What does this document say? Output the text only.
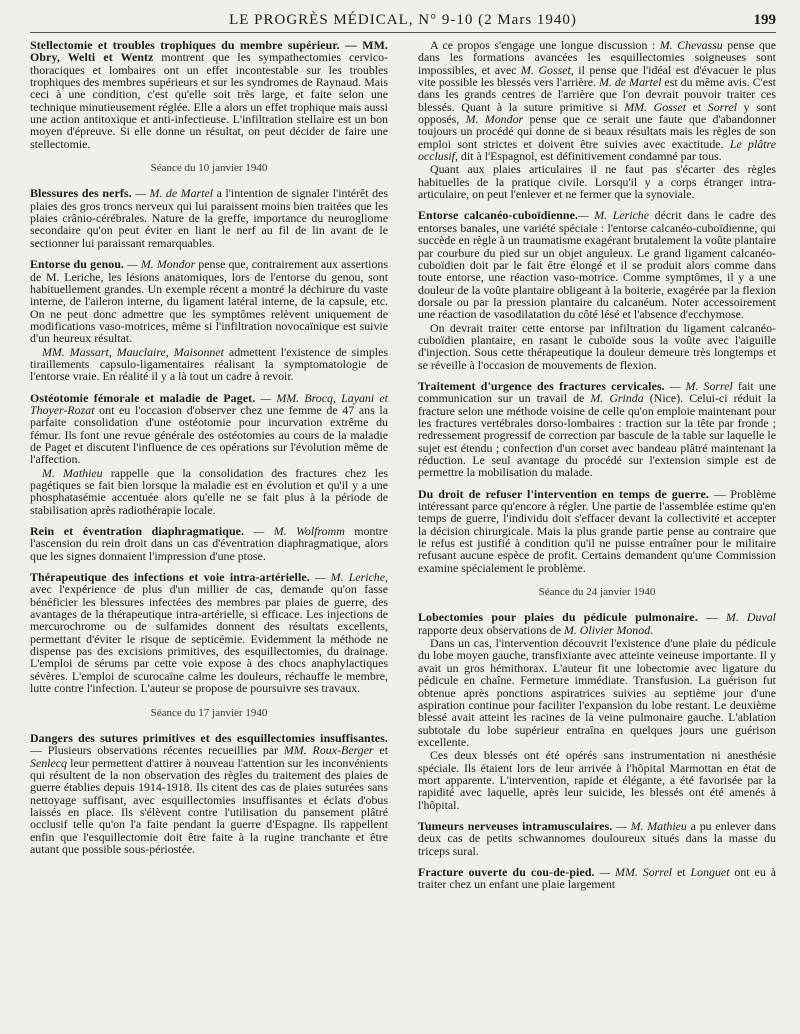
LE PROGRÈS MÉDICAL, N° 9-10 (2 Mars 1940)	199

Stellectomie et troubles trophiques du membre supérieur. — MM. Obry, Welti et Wentz montrent que les sympathectomies cervico-thoraciques et lombaires ont un effet incontestable sur les troubles trophiques des membres supérieurs et sur les syndromes de Raynaud. Mais ceci à une condition, c'est qu'elle soit très large, et faite selon une technique minutieusement réglée. Elle a alors un effet trophique mais aussi une action antitoxique et anti-infectieuse. L'infiltration stellaire est un bon moyen d'épreuve. Si elle donne un résultat, on peut décider de faire une stellectomie.

Séance du 10 janvier 1940

Blessures des nerfs. — M. de Martel a l'intention de signaler l'intérêt des plaies des gros troncs nerveux qui lui paraissent moins bien traitées que les plaies crânio-cérébrales. Nature de la greffe, importance du neurogliome secondaire qu'on peut éviter en liant le nerf au fil de lin avant de le sectionner lui paraissant remarquables.

Entorse du genou. — M. Mondor pense que, contrairement aux assertions de M. Leriche, les lésions anatomiques, lors de l'entorse du genou, sont habituellement grandes. Un exemple récent a montré la déchirure du vaste interne, de l'aileron interne, du ligament latéral interne, de la capsule, etc. On ne peut donc admettre que les symptômes relèvent uniquement de modifications vaso-motrices, même si l'infiltration novocaïnique est suivie d'un heureux résultat.

MM. Massart, Mauclaire, Maisonnet admettent l'existence de simples tiraillements capsulo-ligamentaires réalisant la symptomatologie de l'entorse vraie. En réalité il y a là tout un cadre à revoir.

Ostéotomie fémorale et maladie de Paget. — MM. Brocq, Layani et Thoyer-Rozat ont eu l'occasion d'observer chez une femme de 47 ans la parfaite consolidation d'une ostéotomie pour incurvation extrême du fémur. Ils font une revue générale des ostéotomies au cours de la maladie de Paget et discutent l'influence de ces opérations sur l'évolution même de l'affection.

M. Mathieu rappelle que la consolidation des fractures chez les pagétiques se fait bien lorsque la maladie est en évolution et qu'il y a une phosphatasémie accentuée alors qu'elle ne se fait plus à la période de stabilisation après radiothérapie locale.

Rein et éventration diaphragmatique. — M. Wolfromm montre l'ascension du rein droit dans un cas d'éventration diaphragmatique, alors que les signes donnaient l'impression d'une ptose.

Thérapeutique des infections et voie intra-artérielle. — M. Leriche, avec l'expérience de plus d'un millier de cas, demande qu'on fasse bénéficier les blessures infectées des membres par plaies de guerre, des avantages de la thérapeutique intra-artérielle, si efficace. Les injections de mercurochrome ou de sulfamides donnent des résultats excellents, permettant d'éviter le risque de septicémie. Evidemment la méthode ne dispense pas des excisions primitives, des esquillectomies, du drainage. L'emploi de sérums par cette voie expose à des chocs anaphylactiques sévères. L'emploi de scurocaïne calme les douleurs, réchauffe le membre, lutte contre l'infection. L'auteur se propose de poursuivre ses travaux.

Séance du 17 janvier 1940

Dangers des sutures primitives et des esquillectomies insuffisantes. — Plusieurs observations récentes recueillies par MM. Roux-Berger et Senlecq leur permettent d'attirer à nouveau l'attention sur les inconvénients qui résultent de la non observation des règles du traitement des plaies de guerre établies depuis 1914-1918. Ils citent des cas de plaies suturées sans nettoyage suffisant, avec esquillectomies insuffisantes et éclats d'obus laissés en place. Ils s'élèvent contre l'utilisation du pansement plâtré occlusif telle qu'on l'a faite pendant la guerre d'Espagne. Ils rappellent enfin que l'esquillectomie doit être faite à la rugine tranchante et être autant que possible sous-périostée.

A ce propos s'engage une longue discussion : M. Chevassu pense que dans les formations avancées les esquillectomies soigneuses sont impossibles, et avec M. Gosset, il pense que l'idéal est d'évacuer le plus vite possible les blessés vers l'arrière. M. de Martel est du même avis. C'est dans les grands centres de l'arrière que l'on devrait pouvoir traiter ces blessés. Quant à la suture primitive si MM. Gosset et Sorrel y sont opposés, M. Mondor pense que ce serait une faute que d'abandonner toujours un procédé qui donne de si beaux résultats mais les règles de son emploi sont strictes et doivent être suivies avec exactitude. Le plâtre occlusif, dit à l'Espagnol, est définitivement condamné par tous.

Quant aux plaies articulaires il ne faut pas s'écarter des règles habituelles de la pratique civile. Lorsqu'il y a corps étranger intra-articulaire, on peut l'enlever et ne fermer que la synoviale.

Entorse calcanéo-cuboïdienne.— M. Leriche décrit dans le cadre des entorses banales, une variété spéciale : l'entorse calcanéo-cuboïdienne, qui succède en règle à un traumatisme exagérant brutalement la voûte plantaire par courbure du pied sur un objet anguleux. Le grand ligament calcanéo-cuboïdien doit par le fait être élongé et il se produit alors comme dans toute entorse, une réaction vaso-motrice. Comme symptômes, il y a une douleur de la voûte plantaire obligeant à la boiterie, exagérée par la flexion dorsale ou par la pression plantaire du calcanéum. Noter accessoirement une réaction de vasodilatation du côté lésé et l'absence d'ecchymose.

On devrait traiter cette entorse par infiltration du ligament calcanéo-cuboïdien plantaire, en rasant le cuboïde sous la voûte avec l'aiguille d'injection. Sous cette thérapeutique la douleur demeure très longtemps et se réveille à l'occasion de mouvements de flexion.

Traitement d'urgence des fractures cervicales. — M. Sorrel fait une communication sur un travail de M. Grinda (Nice). Celui-ci réduit la fracture selon une méthode voisine de celle qu'on emploie maintenant pour les fractures vertébrales dorso-lombaires : traction sur la tête par fronde ; redressement progressif de correction par bascule de la table sur laquelle le sujet est étendu ; confection d'un corset avec bandeau plâtré maintenant la réduction. Le seul avantage du procédé sur l'extension simple est de permettre la mobilisation du malade.

Du droit de refuser l'intervention en temps de guerre. — Problème intéressant parce qu'encore à régler. Une partie de l'assemblée estime qu'en temps de guerre, l'individu doit s'effacer devant la collectivité et accepter la décision chirurgicale. Mais la plus grande partie pense au contraire que le refus est justifié à condition qu'il ne puisse entraîner pour le militaire refusant aucune espèce de profit. Certains demandent qu'une Commission examine spécialement le problème.

Séance du 24 janvier 1940

Lobectomies pour plaies du pédicule pulmonaire. — M. Duval rapporte deux observations de M. Olivier Monod.

Dans un cas, l'intervention découvrit l'existence d'une plaie du pédicule du lobe moyen gauche, transfixiante avec atteinte veineuse importante. Il y avait un gros hémithorax. L'auteur fit une lobectomie avec ligature du pédicule en chaîne. Fermeture immédiate. Transfusion. La guérison fut obtenue après ponctions aspiratrices suivies au septième jour d'une aspiration continue pour faciliter l'expansion du lobe restant. Le deuxième blessé avait atteint les racines de la veine pulmonaire gauche. L'ablation subtotale du lobe supérieur entraîna en quelques jours une guérison excellente.

Ces deux blessés ont été opérés sans instrumentation ni anesthésie spéciale. Ils étaient lors de leur arrivée à l'hôpital Marmottan en état de mort apparente. L'intervention, rapide et élégante, a été favorisée par la rapidité avec laquelle, après leur suicide, les blessés ont été amenés à l'hôpital.

Tumeurs nerveuses intramusculaires. — M. Mathieu a pu enlever dans deux cas de petits schwannomes douloureux situés dans la masse du triceps sural.

Fracture ouverte du cou-de-pied. — MM. Sorrel et Longuet ont eu à traiter chez un enfant une plaie largement
